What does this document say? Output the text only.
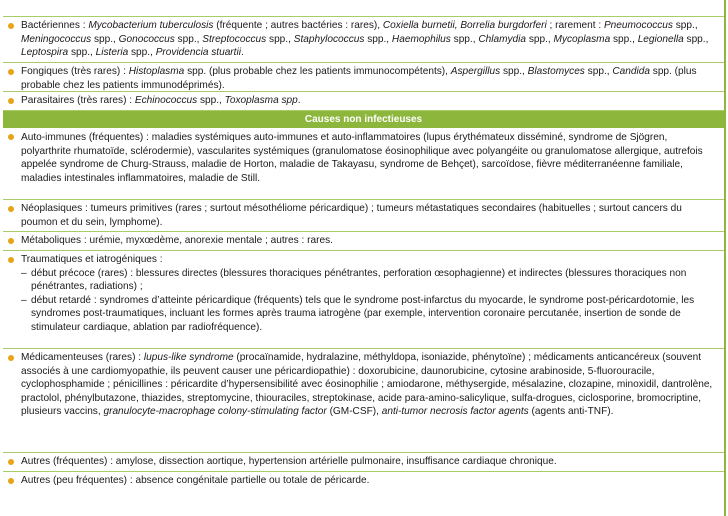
Bactériennes : Mycobacterium tuberculosis (fréquente ; autres bactéries : rares), Coxiella burnetii, Borrelia burgdorferi ; rarement : Pneumococcus spp., Meningococcus spp., Gonococcus spp., Streptococcus spp., Staphylococcus spp., Haemophilus spp., Chlamydia spp., Mycoplasma spp., Legionella spp., Leptospira spp., Listeria spp., Providencia stuartii.
Fongiques (très rares) : Histoplasma spp. (plus probable chez les patients immunocompétents), Aspergillus spp., Blastomyces spp., Candida spp. (plus probable chez les patients immunodéprimés).
Parasitaires (très rares) : Echinococcus spp., Toxoplasma spp.
Causes non infectieuses
Auto-immunes (fréquentes) : maladies systémiques auto-immunes et auto-inflammatoires (lupus érythémateux disséminé, syndrome de Sjögren, polyarthrite rhumatoïde, sclérodermie), vascularites systémiques (granulomatose éosinophilique avec polyangéite ou granulomatose allergique, autrefois appelée syndrome de Churg-Strauss, maladie de Horton, maladie de Takayasu, syndrome de Behçet), sarcoïdose, fièvre méditerranéenne familiale, maladies intestinales inflammatoires, maladie de Still.
Néoplasiques : tumeurs primitives (rares ; surtout mésothéliome péricardique) ; tumeurs métastatiques secondaires (habituelles ; surtout cancers du poumon et du sein, lymphome).
Métaboliques : urémie, myxœdème, anorexie mentale ; autres : rares.
Traumatiques et iatrogéniques :
– début précoce (rares) : blessures directes (blessures thoraciques pénétrantes, perforation œsophagienne) et indirectes (blessures thoraciques non pénétrantes, radiations) ;
– début retardé : syndromes d’atteinte péricardique (fréquents) tels que le syndrome post-infarctus du myocarde, le syndrome post-péricardotomie, les syndromes post-traumatiques, incluant les formes après trauma iatrogène (par exemple, intervention coronaire percutanée, insertion de sonde de stimulateur cardiaque, ablation par radiofréquence).
Médicamenteuses (rares) : lupus-like syndrome (procaïnamide, hydralazine, méthyldopa, isoniazide, phénytoïne) ; médicaments anticancéreux (souvent associés à une cardiomyopathie, ils peuvent causer une péricardiopathie) : doxorubicine, daunorubicine, cytosine arabinoside, 5-fluorouracile, cyclophosphamide ; pénicillines : péricardite d’hypersensibilité avec éosinophilie ; amiodarone, méthysergide, mésalazine, clozapine, minoxidil, dantrolène, practolol, phénylbutazone, thiazides, streptomycine, thiouraciles, streptokinase, acide para-amino-salicylique, sulfa-drogues, ciclosporine, bromocriptine, plusieurs vaccins, granulocyte-macrophage colony-stimulating factor (GM-CSF), anti-tumor necrosis factor agents (agents anti-TNF).
Autres (fréquentes) : amylose, dissection aortique, hypertension artérielle pulmonaire, insuffisance cardiaque chronique.
Autres (peu fréquentes) : absence congénitale partielle ou totale de péricarde.
